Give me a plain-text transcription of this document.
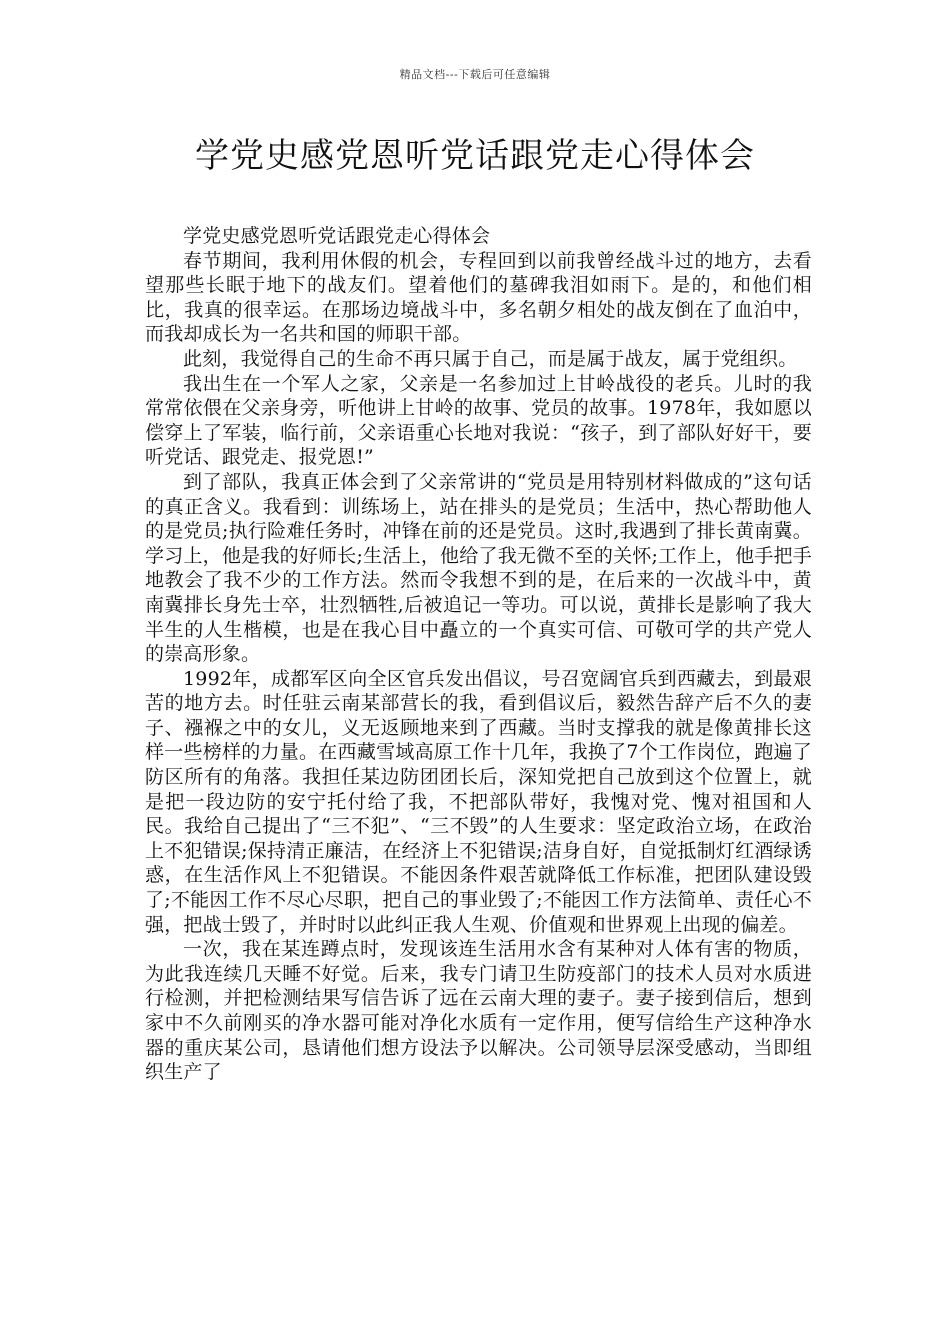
精品文档---下载后可任意编辑
学党史感党恩听党话跟党走心得体会

学党史感党恩听党话跟党走心得体会

春节期间，我利用休假的机会，专程回到以前我曾经战斗过的地方，去看望那些长眠于地下的战友们。望着他们的墓碑我泪如雨下。是的，和他们相比，我真的很幸运。在那场边境战斗中，多名朝夕相处的战友倒在了血泊中，而我却成长为一名共和国的师职干部。

此刻，我觉得自己的生命不再只属于自己，而是属于战友，属于党组织。

我出生在一个军人之家，父亲是一名参加过上甘岭战役的老兵。儿时的我常常依偎在父亲身旁，听他讲上甘岭的故事、党员的故事。1978年，我如愿以偿穿上了军装，临行前，父亲语重心长地对我说：“孩子，到了部队好好干，要听党话、跟党走、报党恩!”

到了部队，我真正体会到了父亲常讲的“党员是用特别材料做成的”这句话的真正含义。我看到：训练场上，站在排头的是党员；生活中，热心帮助他人的是党员;执行险难任务时，冲锋在前的还是党员。这时,我遇到了排长黄南冀。学习上，他是我的好师长;生活上，他给了我无微不至的关怀;工作上，他手把手地教会了我不少的工作方法。然而令我想不到的是，在后来的一次战斗中，黄南冀排长身先士卒，壮烈牺牲,后被追记一等功。可以说，黄排长是影响了我大半生的人生楷模，也是在我心目中矗立的一个真实可信、可敬可学的共产党人的崇高形象。

1992年，成都军区向全区官兵发出倡议，号召宽阔官兵到西藏去，到最艰苦的地方去。时任驻云南某部营长的我，看到倡议后，毅然告辞产后不久的妻子、襁褓之中的女儿，义无返顾地来到了西藏。当时支撑我的就是像黄排长这样一些榜样的力量。在西藏雪域高原工作十几年，我换了7个工作岗位，跑遍了防区所有的角落。我担任某边防团团长后，深知党把自己放到这个位置上，就是把一段边防的安宁托付给了我，不把部队带好，我愧对党、愧对祖国和人民。我给自己提出了“三不犯”、“三不毁”的人生要求：坚定政治立场，在政治上不犯错误;保持清正廉洁，在经济上不犯错误;洁身自好，自觉抵制灯红酒绿诱惑，在生活作风上不犯错误。不能因条件艰苦就降低工作标准，把团队建设毁了;不能因工作不尽心尽职，把自己的事业毁了;不能因工作方法简单、责任心不强，把战士毁了，并时时以此纠正我人生观、价值观和世界观上出现的偏差。

一次，我在某连蹲点时，发现该连生活用水含有某种对人体有害的物质，为此我连续几天睡不好觉。后来，我专门请卫生防疫部门的技术人员对水质进行检测，并把检测结果写信告诉了远在云南大理的妻子。妻子接到信后，想到家中不久前刚买的净水器可能对净化水质有一定作用，便写信给生产这种净水器的重庆某公司，恳请他们想方设法予以解决。公司领导层深受感动，当即组织生产了
